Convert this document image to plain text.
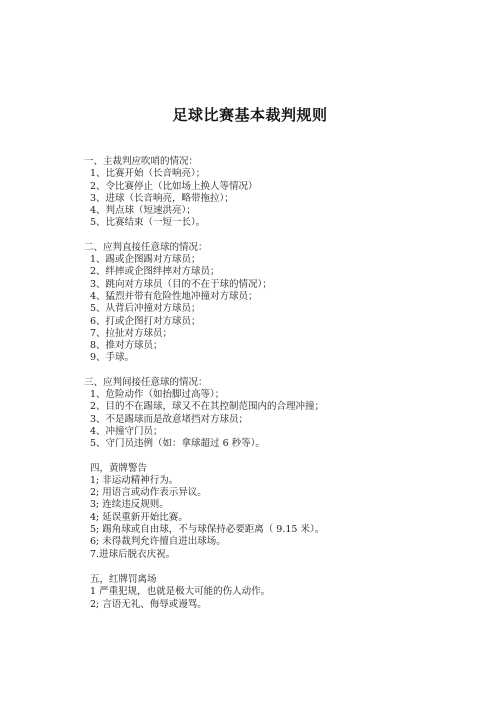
足球比赛基本裁判规则
一、主裁判应吹哨的情况：
1、比赛开始（长音响亮）；
2、令比赛停止（比如场上换人等情况）
3、进球（长音响亮，略带拖拉）；
4、判点球（短速洪亮）；
5、比赛结束（一短一长）。
二、应判直接任意球的情况：
1、踢或企图踢对方球员；
2、绊摔或企图绊摔对方球员；
3、跳向对方球员（目的不在于球的情况）；
4、猛烈并带有危险性地冲撞对方球员；
5、从背后冲撞对方球员；
6、打或企图打对方球员；
7、拉扯对方球员；
8、推对方球员；
9、手球。
三、应判间接任意球的情况：
1、危险动作（如抬脚过高等）；
2、目的不在踢球，球又不在其控制范围内的合理冲撞；
3、不是踢球而是故意堵挡对方球员；
4、冲撞守门员；
5、守门员违例（如：拿球超过 6 秒等）。
四，黄牌警告
1; 非运动精神行为。
2; 用语言或动作表示异议。
3; 连续违反规则。
4; 延误重新开始比赛。
5; 踢角球或自由球，不与球保持必要距离（ 9.15 米）。
6; 未得裁判允许擅自进出球场。
7.进球后脱衣庆祝。
五，红牌罚离场
1 严重犯规，也就是极大可能的伤人动作。
2; 言语无礼、侮辱或谩骂。
